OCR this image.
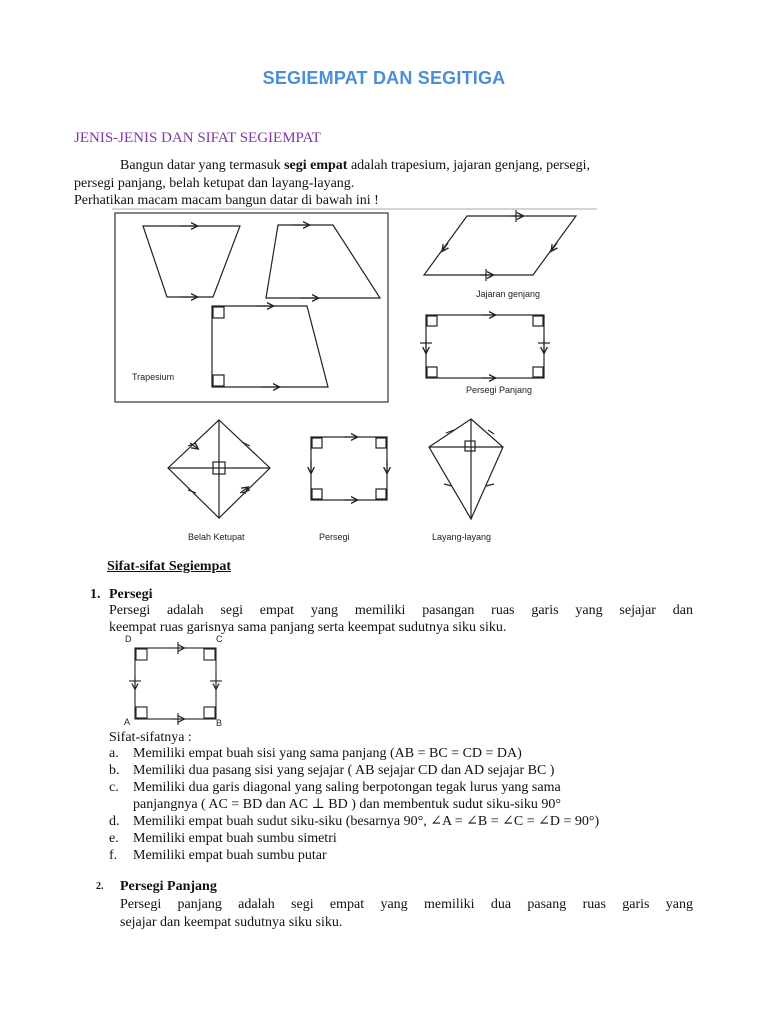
SEGIEMPAT DAN SEGITIGA
JENIS-JENIS DAN SIFAT SEGIEMPAT
Bangun datar yang termasuk segi empat adalah trapesium, jajaran genjang, persegi,
persegi panjang, belah ketupat dan layang-layang.
Perhatikan macam macam bangun datar di bawah ini !
Trapesium
Jajaran genjang
Persegi Panjang
Belah Ketupat	Persegi	Layang-layang
Sifat-sifat Segiempat
1. Persegi
Persegi adalah segi empat yang memiliki pasangan ruas garis yang sejajar dan
keempat ruas garisnya sama panjang serta keempat sudutnya siku siku.
D	C
A	B
Sifat-sifatnya :
a. Memiliki empat buah sisi yang sama panjang (AB = BC = CD = DA)
b. Memiliki dua pasang sisi yang sejajar ( AB sejajar CD dan AD sejajar BC )
c. Memiliki dua garis diagonal yang saling berpotongan tegak lurus yang sama
panjangnya ( AC = BD dan AC ⊥ BD ) dan membentuk sudut siku-siku 90°
d. Memiliki empat buah sudut siku-siku (besarnya 90°, ∠A = ∠B = ∠C = ∠D = 90°)
e. Memiliki empat buah sumbu simetri
f. Memiliki empat buah sumbu putar
2. Persegi Panjang
Persegi panjang adalah segi empat yang memiliki dua pasang ruas garis yang
sejajar dan keempat sudutnya siku siku.
